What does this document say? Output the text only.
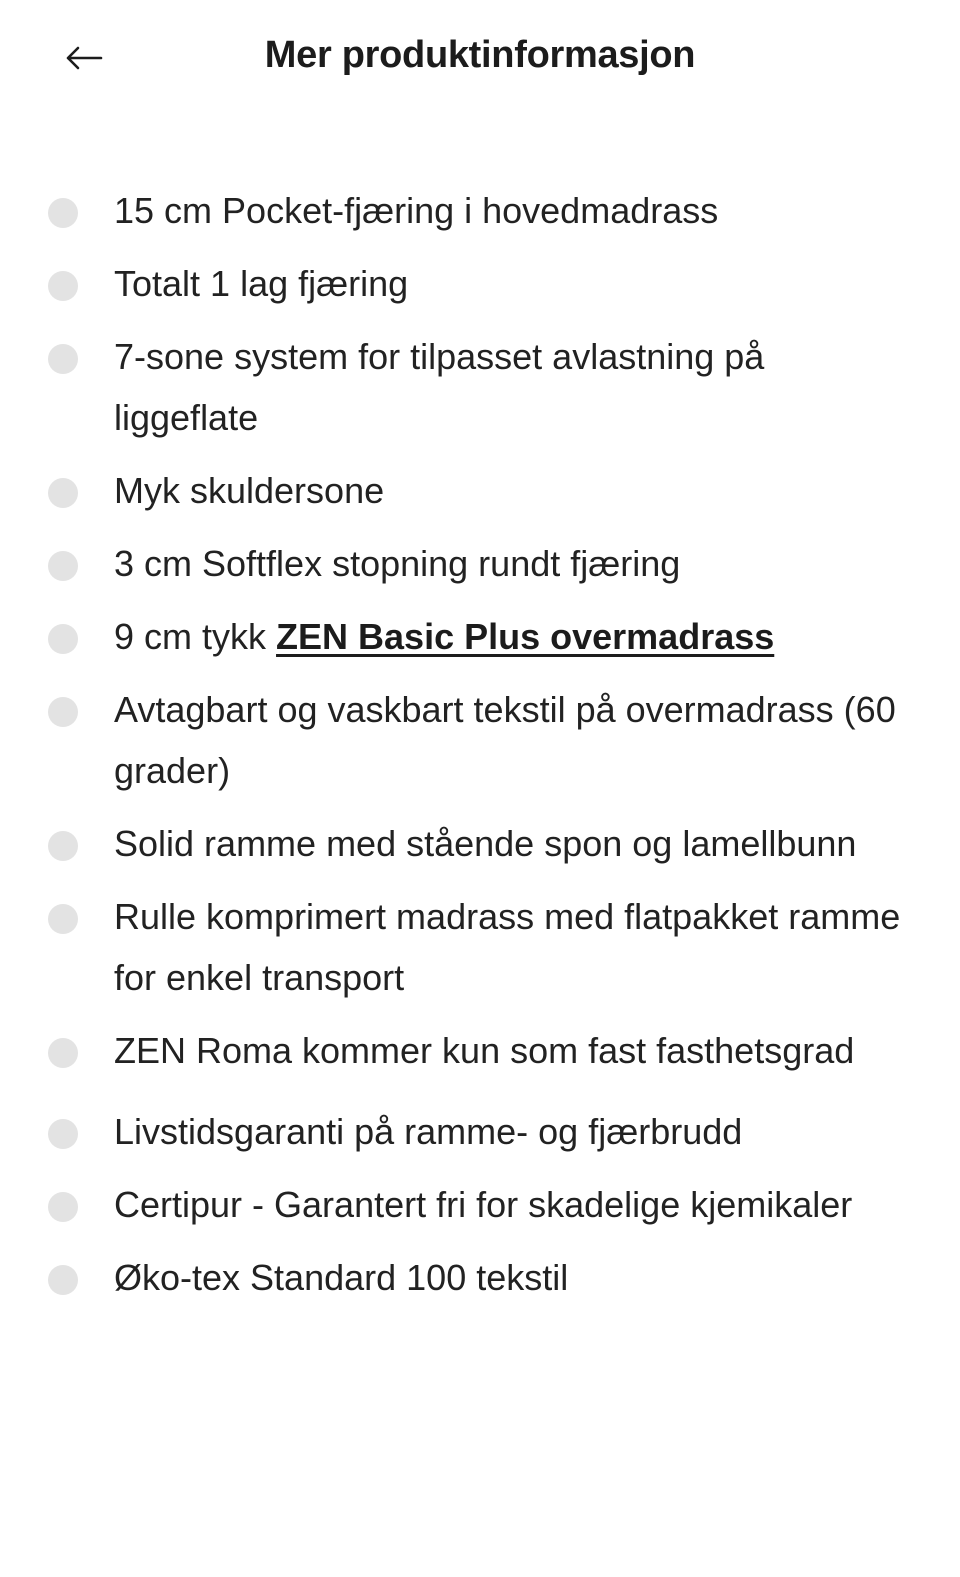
Mer produktinformasjon
15 cm Pocket-fjæring i hovedmadrass
Totalt 1 lag fjæring
7-sone system for tilpasset avlastning på liggeflate
Myk skuldersone
3 cm Softflex stopning rundt fjæring
9 cm tykk ZEN Basic Plus overmadrass
Avtagbart og vaskbart tekstil på overmadrass (60 grader)
Solid ramme med stående spon og lamellbunn
Rulle komprimert madrass med flatpakket ramme for enkel transport
ZEN Roma kommer kun som fast fasthetsgrad
Livstidsgaranti på ramme- og fjærbrudd
Certipur - Garantert fri for skadelige kjemikaler
Øko-tex Standard 100 tekstil
